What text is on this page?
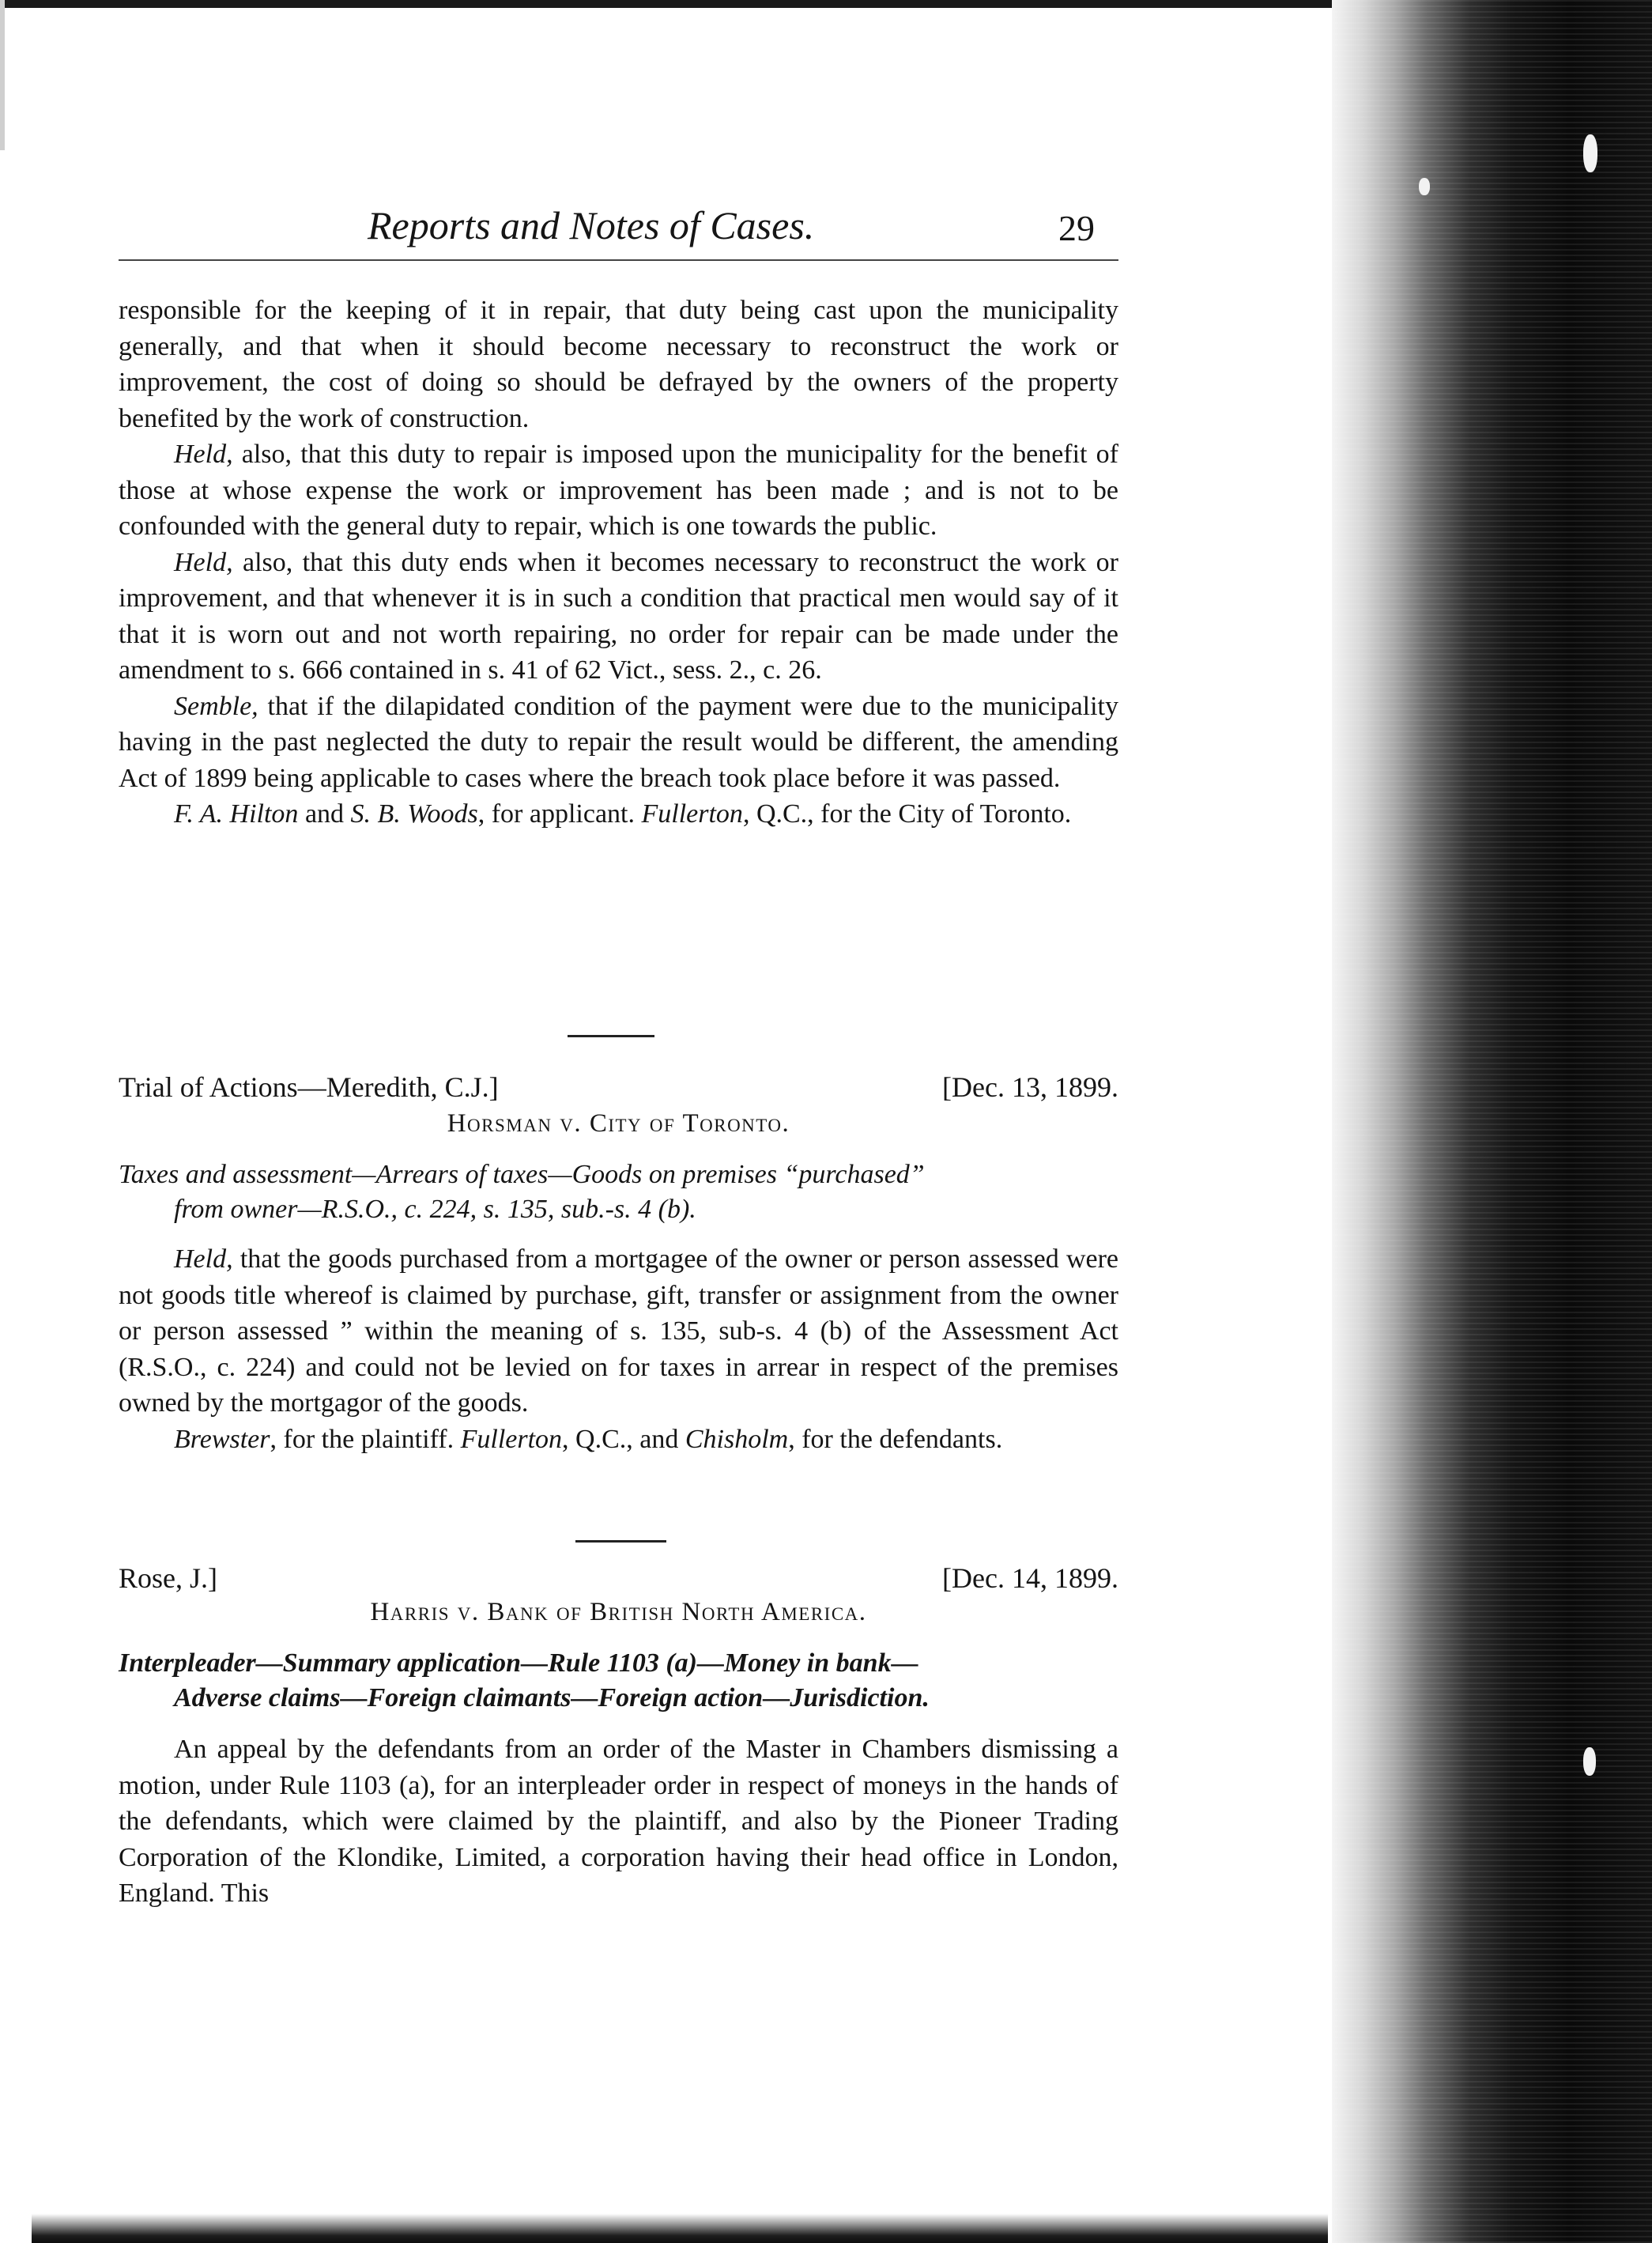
Reports and Notes of Cases.	29

responsible for the keeping of it in repair, that duty being cast upon the municipality generally, and that when it should become necessary to reconstruct the work or improvement, the cost of doing so should be defrayed by the owners of the property benefited by the work of construction.

Held, also, that this duty to repair is imposed upon the municipality for the benefit of those at whose expense the work or improvement has been made ; and is not to be confounded with the general duty to repair, which is one towards the public.

Held, also, that this duty ends when it becomes necessary to reconstruct the work or improvement, and that whenever it is in such a condition that practical men would say of it that it is worn out and not worth repairing, no order for repair can be made under the amendment to s. 666 contained in s. 41 of 62 Vict., sess. 2., c. 26.

Semble, that if the dilapidated condition of the payment were due to the municipality having in the past neglected the duty to repair the result would be different, the amending Act of 1899 being applicable to cases where the breach took place before it was passed.

F. A. Hilton and S. B. Woods, for applicant. Fullerton, Q.C., for the City of Toronto.

Trial of Actions—Meredith, C.J.]	[Dec. 13, 1899.
Horsman v. City of Toronto.

Taxes and assessment—Arrears of taxes—Goods on premises “purchased”

from owner—R.S.O., c. 224, s. 135, sub.-s. 4 (b).

Held, that the goods purchased from a mortgagee of the owner or person assessed were not goods title whereof is claimed by purchase, gift, transfer or assignment from the owner or person assessed ” within the meaning of s. 135, sub-s. 4 (b) of the Assessment Act (R.S.O., c. 224) and could not be levied on for taxes in arrear in respect of the premises owned by the mortgagor of the goods.

Brewster, for the plaintiff. Fullerton, Q.C., and Chisholm, for the defendants.

Rose, J.]	[Dec. 14, 1899.
Harris v. Bank of British North America.

Interpleader—Summary application—Rule 1103 (a)—Money in bank—

Adverse claims—Foreign claimants—Foreign action—Jurisdiction.

An appeal by the defendants from an order of the Master in Chambers dismissing a motion, under Rule 1103 (a), for an interpleader order in respect of moneys in the hands of the defendants, which were claimed by the plaintiff, and also by the Pioneer Trading Corporation of the Klondike, Limited, a corporation having their head office in London, England. This
